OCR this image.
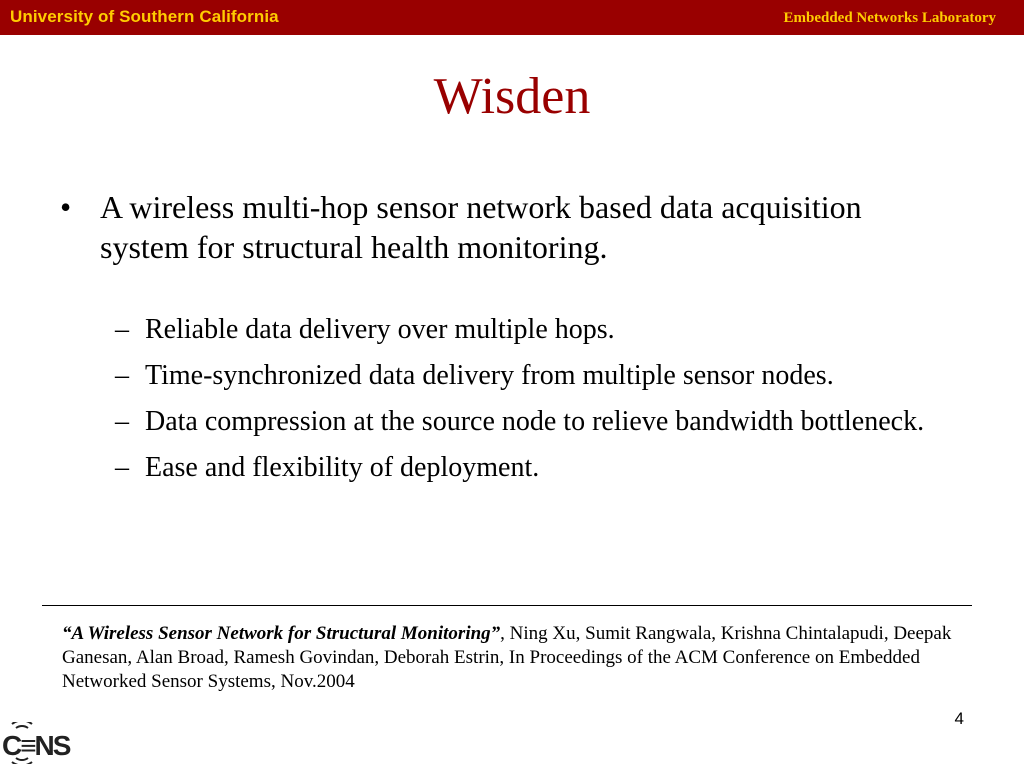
University of Southern California	Embedded Networks Laboratory
Wisden

• A wireless multi-hop sensor network based data acquisition system for structural health monitoring.

– Reliable data delivery over multiple hops.

– Time-synchronized data delivery from multiple sensor nodes.

– Data compression at the source node to relieve bandwidth bottleneck.

– Ease and flexibility of deployment.

“A Wireless Sensor Network for Structural Monitoring”, Ning Xu, Sumit Rangwala, Krishna Chintalapudi, Deepak Ganesan, Alan Broad, Ramesh Govindan, Deborah Estrin, In Proceedings of the ACM Conference on Embedded Networked Sensor Systems, Nov.2004

4
C≡NS
